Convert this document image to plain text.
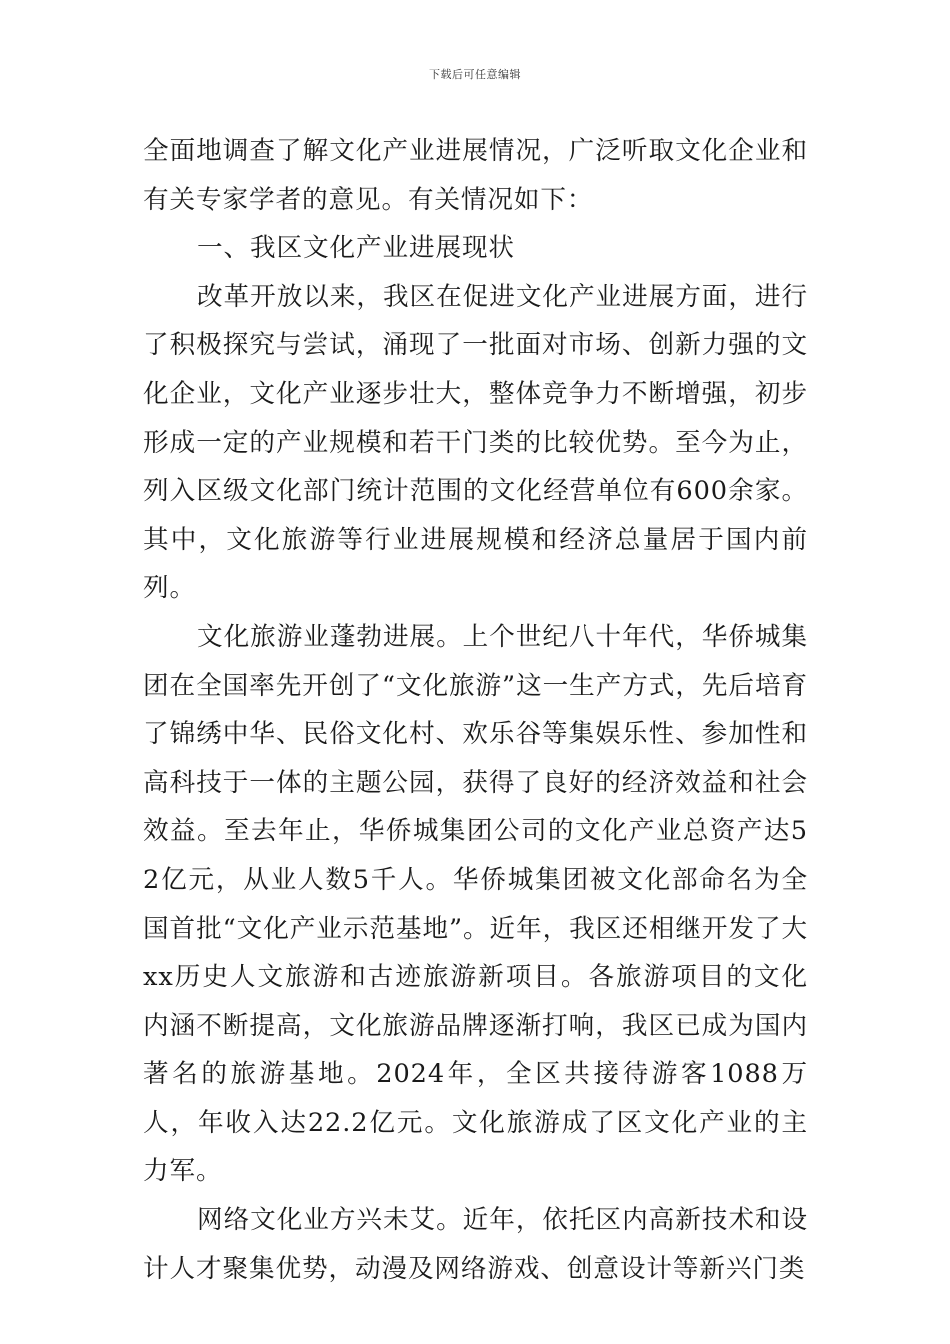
下载后可任意编辑

全面地调查了解文化产业进展情况，广泛听取文化企业和有关专家学者的意见。有关情况如下：

一、我区文化产业进展现状

改革开放以来，我区在促进文化产业进展方面，进行了积极探究与尝试，涌现了一批面对市场、创新力强的文化企业，文化产业逐步壮大，整体竞争力不断增强，初步形成一定的产业规模和若干门类的比较优势。至今为止，列入区级文化部门统计范围的文化经营单位有600余家。其中，文化旅游等行业进展规模和经济总量居于国内前列。

文化旅游业蓬勃进展。上个世纪八十年代，华侨城集团在全国率先开创了“文化旅游”这一生产方式，先后培育了锦绣中华、民俗文化村、欢乐谷等集娱乐性、参加性和高科技于一体的主题公园，获得了良好的经济效益和社会效益。至去年止，华侨城集团公司的文化产业总资产达52亿元，从业人数5千人。华侨城集团被文化部命名为全国首批“文化产业示范基地”。近年，我区还相继开发了大xx历史人文旅游和古迹旅游新项目。各旅游项目的文化内涵不断提高，文化旅游品牌逐渐打响，我区已成为国内著名的旅游基地。2024年，全区共接待游客1088万人，年收入达22.2亿元。文化旅游成了区文化产业的主力军。

网络文化业方兴未艾。近年，依托区内高新技术和设计人才聚集优势，动漫及网络游戏、创意设计等新兴门类
